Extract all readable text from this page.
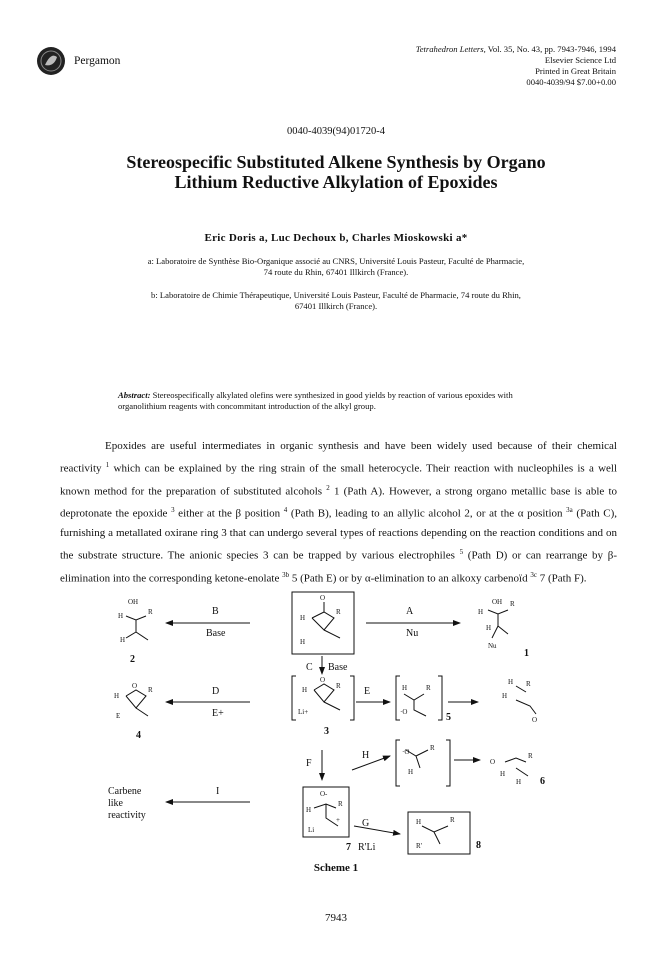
Pergamon
Tetrahedron Letters, Vol. 35, No. 43, pp. 7943-7946, 1994
Elsevier Science Ltd
Printed in Great Britain
0040-4039/94 $7.00+0.00
0040-4039(94)01720-4
Stereospecific Substituted Alkene Synthesis by Organo
Lithium Reductive Alkylation of Epoxides
Eric Doris a, Luc Dechoux b, Charles Mioskowski a*
a: Laboratoire de Synthèse Bio-Organique associé au CNRS, Université Louis Pasteur, Faculté de Pharmacie,
74 route du Rhin, 67401 Illkirch (France).
b: Laboratoire de Chimie Thérapeutique, Université Louis Pasteur, Faculté de Pharmacie, 74 route du Rhin,
67401 Illkirch (France).
Abstract: Stereospecifically alkylated olefins were synthesized in good yields by reaction of various epoxides with organolithium reagents with concommitant introduction of the alkyl group.
Epoxides are useful intermediates in organic synthesis and have been widely used because of their chemical reactivity $^1$ which can be explained by the ring strain of the small heterocycle. Their reaction with nucleophiles is a well known method for the preparation of substituted alcohols $^2$ 1 (Path A). However, a strong organo metallic base is able to deprotonate the epoxide $^3$ either at the β position $^4$ (Path B), leading to an allylic alcohol 2, or at the α position $^{3a}$ (Path C), furnishing a metallated oxirane ring 3 that can undergo several types of reactions depending on the reaction conditions and on the substrate structure. The anionic species 3 can be trapped by various electrophiles $^5$ (Path D) or can rearrange by β-elimination into the corresponding ketone-enolate $^{3b}$ 5 (Path E) or by α-elimination to an alkoxy carbenoïd $^{3c}$ 7 (Path F).
B
Base
A
Nu
C Base
D
E+
E
F
H
I
G
R'Li
Carbene
like
reactivity
2
1
3
4
5
6
7	8
OH
H	R
H
O
H
R
H
OH
H
R
H
Nu
O
H	R
Li+
O
H
R
E
H	R
·O
H R
H
O
·O	R
H
O
R
H
H
O-
H
R
+
Li
H	R
R'
Scheme 1
7943
